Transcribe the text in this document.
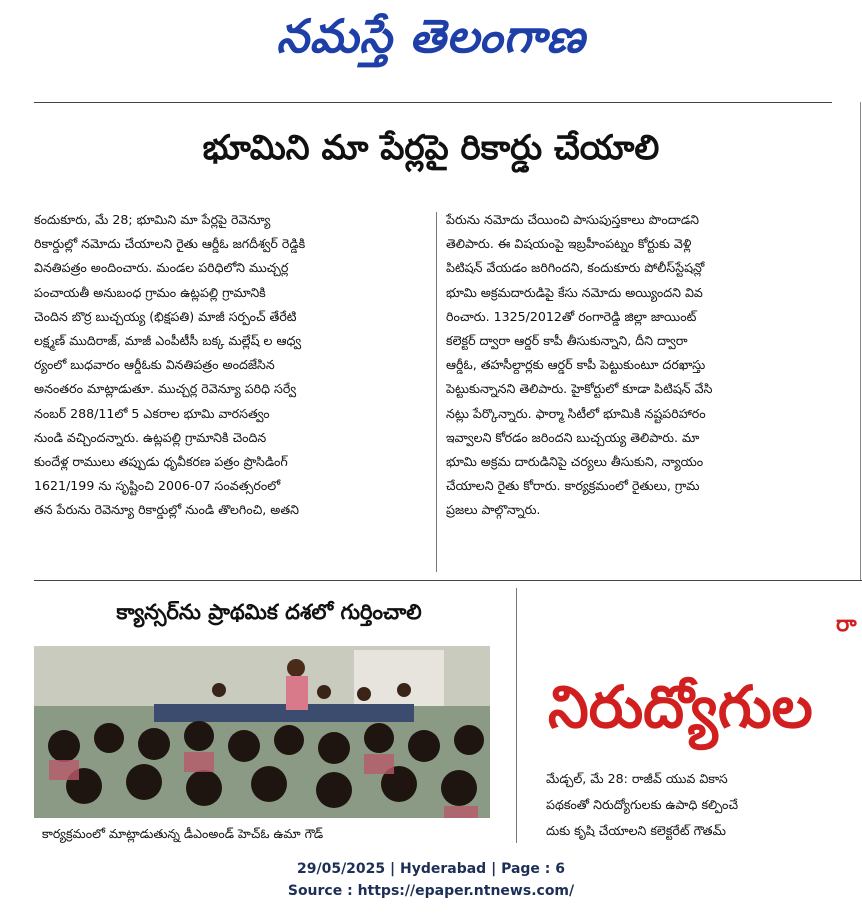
నమస్తే తెలంగాణ
భూమిని మా పేర్లపై రికార్డు చేయాలి
కందుకూరు, మే 28; భూమిని మా పేర్లపై రెవెన్యూ
రికార్డుల్లో నమోదు చేయాలని రైతు ఆర్డీఓ జగదీశ్వర్ రెడ్డికి
వినతిపత్రం అందించారు. మండల పరిధిలోని ముచ్చర్ల
పంచాయతీ అనుబంధ గ్రామం ఉట్లపల్లి గ్రామానికి
చెందిన బొర్ర బుచ్చయ్య (భిక్షపతి) మాజీ సర్పంచ్ తేరేటి
లక్ష్మణ్ ముదిరాజ్, మాజీ ఎంపీటీసీ బక్క మల్లేష్ ల ఆధ్వ
ర్యంలో బుధవారం ఆర్డీఓకు వినతిపత్రం అందజేసిన
అనంతరం మాట్లాడుతూ. ముచ్చర్ల రెవెన్యూ పరిధి సర్వే
నంబర్ 288/11లో 5 ఎకరాల భూమి వారసత్వం
నుండి వచ్చిందన్నారు. ఉట్లపల్లి గ్రామానికి చెందిన
కుందేళ్ల రాములు తప్పుడు ధృవీకరణ పత్రం ప్రొసిడింగ్
1621/199 ను సృష్టించి 2006-07 సంవత్సరంలో
తన పేరును రెవెన్యూ రికార్డుల్లో నుండి తొలగించి, అతని
పేరును నమోదు చేయించి పాసుపుస్తకాలు పొందాడని
తెలిపారు. ఈ విషయంపై ఇబ్రహీంపట్నం కోర్టుకు వెళ్లి
పిటిషన్ వేయడం జరిగిందని, కందుకూరు పోలీస్‌స్టేషన్లో
భూమి అక్రమదారుడిపై కేసు నమోదు అయ్యిందని వివ
రించారు. 1325/2012తో రంగారెడ్డి జిల్లా జాయింట్
కలెక్టర్ ద్వారా ఆర్డర్ కాపీ తీసుకున్నాని, దీని ద్వారా
ఆర్డీఓ, తహసీల్దార్లకు ఆర్డర్ కాపీ పెట్టుకుంటూ దరఖాస్తు
పెట్టుకున్నానని తెలిపారు. హైకోర్టులో కూడా పిటిషన్ వేసి
నట్లు పేర్కొన్నారు. ఫార్మా సిటీలో భూమికి నష్టపరిహారం
ఇవ్వాలని కోరడం జరిందని బుచ్చయ్య తెలిపారు. మా
భూమి అక్రమ దారుడినిపై చర్యలు తీసుకుని, న్యాయం
చేయాలని రైతు కోరారు. కార్యక్రమంలో రైతులు, గ్రామ
ప్రజలు పాల్గొన్నారు.
క్యాన్సర్‌ను ప్రాథమిక దశలో గుర్తించాలి
కార్యక్రమంలో మాట్లాడుతున్న డీఎంఅండ్ హెచ్ఓ ఉమా గౌడ్
రా
నిరుద్యోగుల
మేడ్చల్, మే 28: రాజీవ్ యువ వికాస
పథకంతో నిరుద్యోగులకు ఉపాధి కల్పించే
దుకు కృషి చేయాలని కలెక్టరేట్ గౌతమ్
29/05/2025 | Hyderabad | Page : 6
Source : https://epaper.ntnews.com/
